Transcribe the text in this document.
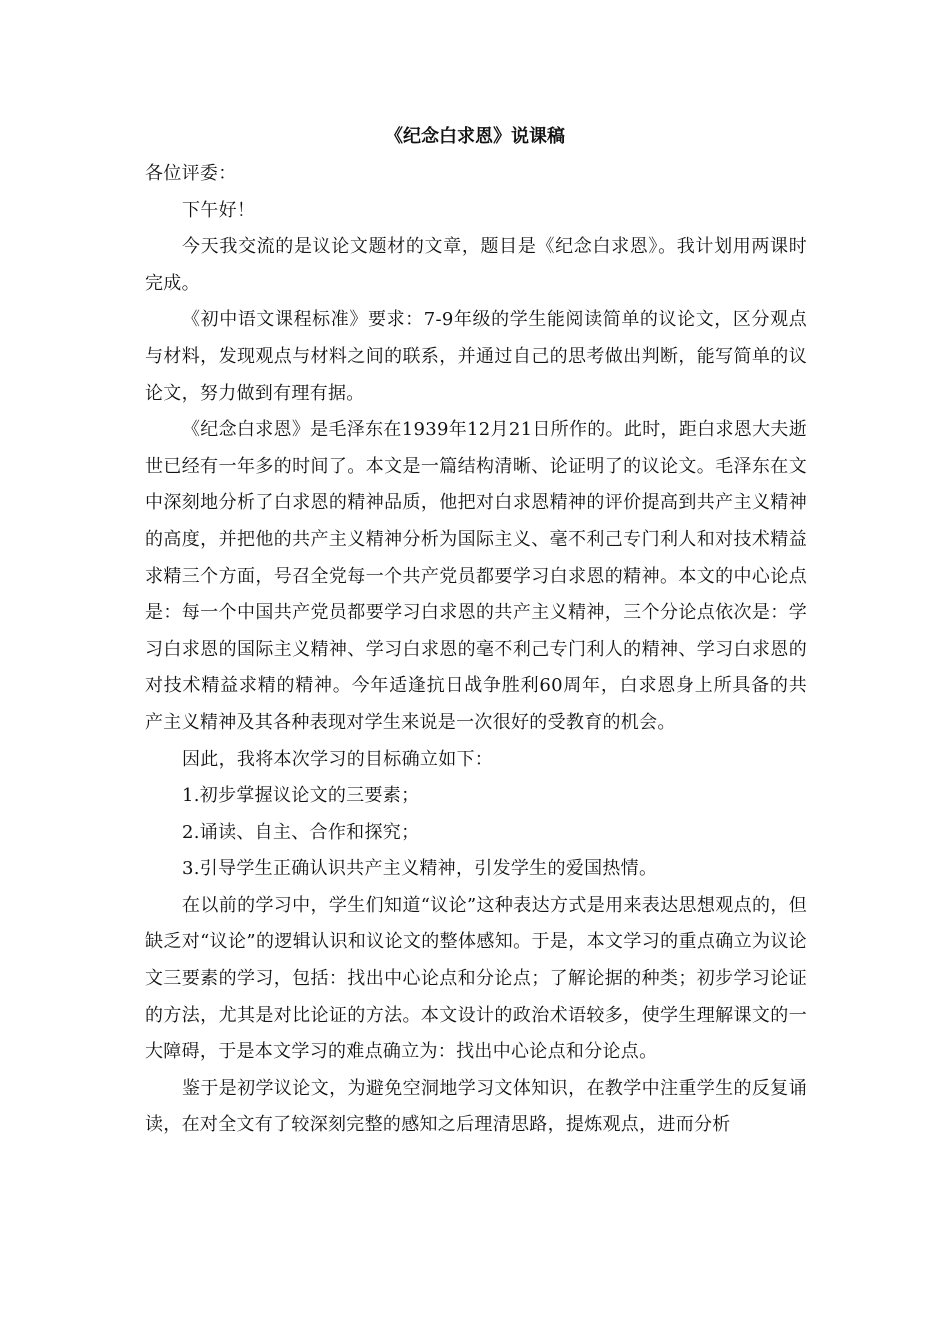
《纪念白求恩》说课稿

各位评委：

下午好！

今天我交流的是议论文题材的文章，题目是《纪念白求恩》。我计划用两课时完成。

《初中语文课程标准》要求：7-9年级的学生能阅读简单的议论文，区分观点与材料，发现观点与材料之间的联系，并通过自己的思考做出判断，能写简单的议论文，努力做到有理有据。

《纪念白求恩》是毛泽东在1939年12月21日所作的。此时，距白求恩大夫逝世已经有一年多的时间了。本文是一篇结构清晰、论证明了的议论文。毛泽东在文中深刻地分析了白求恩的精神品质，他把对白求恩精神的评价提高到共产主义精神的高度，并把他的共产主义精神分析为国际主义、毫不利己专门利人和对技术精益求精三个方面，号召全党每一个共产党员都要学习白求恩的精神。本文的中心论点是：每一个中国共产党员都要学习白求恩的共产主义精神，三个分论点依次是：学习白求恩的国际主义精神、学习白求恩的毫不利己专门利人的精神、学习白求恩的对技术精益求精的精神。今年适逢抗日战争胜利60周年，白求恩身上所具备的共产主义精神及其各种表现对学生来说是一次很好的受教育的机会。

因此，我将本次学习的目标确立如下：

1.初步掌握议论文的三要素；

2.诵读、自主、合作和探究；

3.引导学生正确认识共产主义精神，引发学生的爱国热情。

在以前的学习中，学生们知道“议论”这种表达方式是用来表达思想观点的，但缺乏对“议论”的逻辑认识和议论文的整体感知。于是，本文学习的重点确立为议论文三要素的学习，包括：找出中心论点和分论点；了解论据的种类；初步学习论证的方法，尤其是对比论证的方法。本文设计的政治术语较多，使学生理解课文的一大障碍，于是本文学习的难点确立为：找出中心论点和分论点。

鉴于是初学议论文，为避免空洞地学习文体知识，在教学中注重学生的反复诵读，在对全文有了较深刻完整的感知之后理清思路，提炼观点，进而分析
